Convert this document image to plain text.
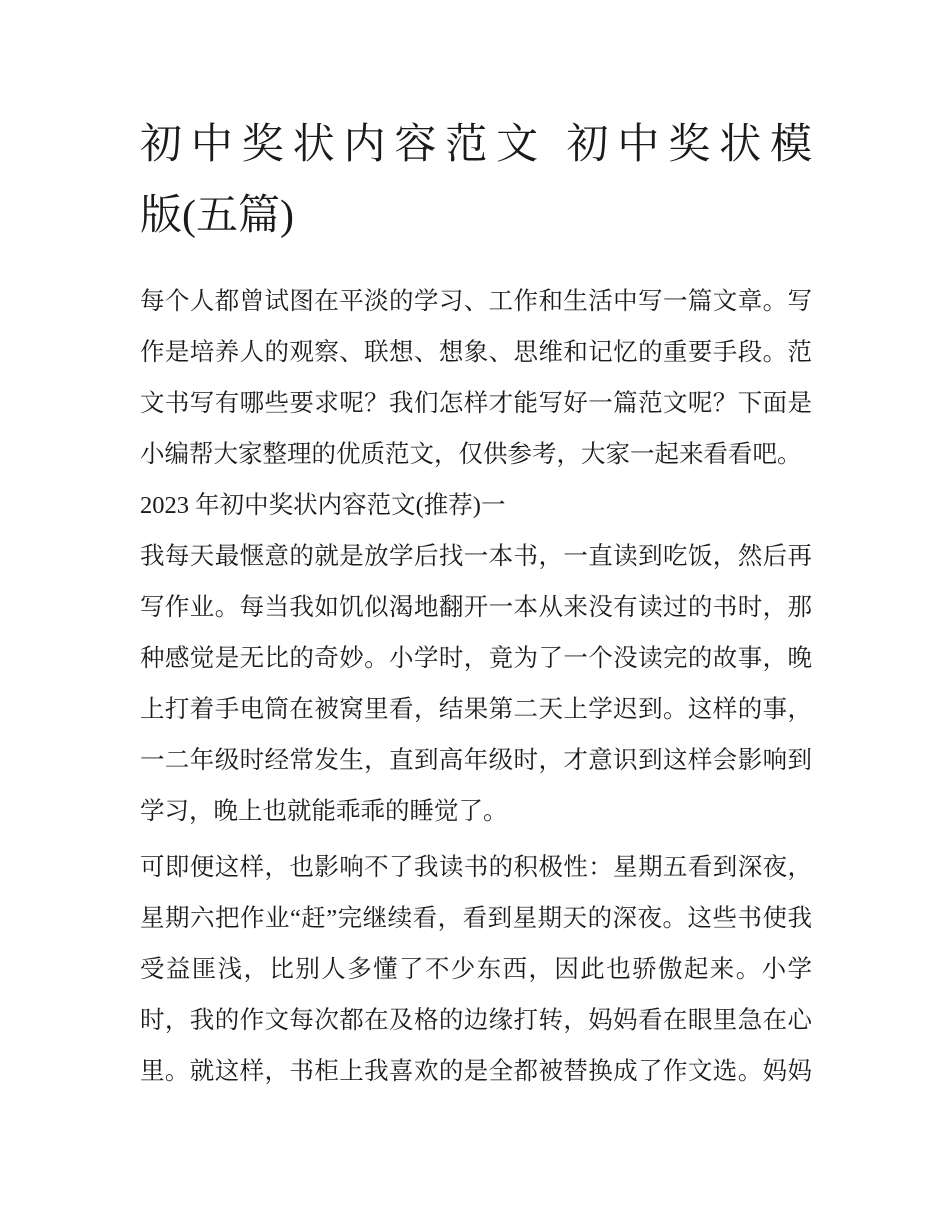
初中奖状内容范文 初中奖状模
版(五篇)
每个人都曾试图在平淡的学习、工作和生活中写一篇文章。写
作是培养人的观察、联想、想象、思维和记忆的重要手段。范
文书写有哪些要求呢？我们怎样才能写好一篇范文呢？下面是
小编帮大家整理的优质范文，仅供参考，大家一起来看看吧。
2023 年初中奖状内容范文(推荐)一
我每天最惬意的就是放学后找一本书，一直读到吃饭，然后再
写作业。每当我如饥似渴地翻开一本从来没有读过的书时，那
种感觉是无比的奇妙。小学时，竟为了一个没读完的故事，晚
上打着手电筒在被窝里看，结果第二天上学迟到。这样的事，
一二年级时经常发生，直到高年级时，才意识到这样会影响到
学习，晚上也就能乖乖的睡觉了。
可即便这样，也影响不了我读书的积极性：星期五看到深夜，
星期六把作业“赶”完继续看，看到星期天的深夜。这些书使我
受益匪浅，比别人多懂了不少东西，因此也骄傲起来。小学
时，我的作文每次都在及格的边缘打转，妈妈看在眼里急在心
里。就这样，书柜上我喜欢的是全都被替换成了作文选。妈妈
